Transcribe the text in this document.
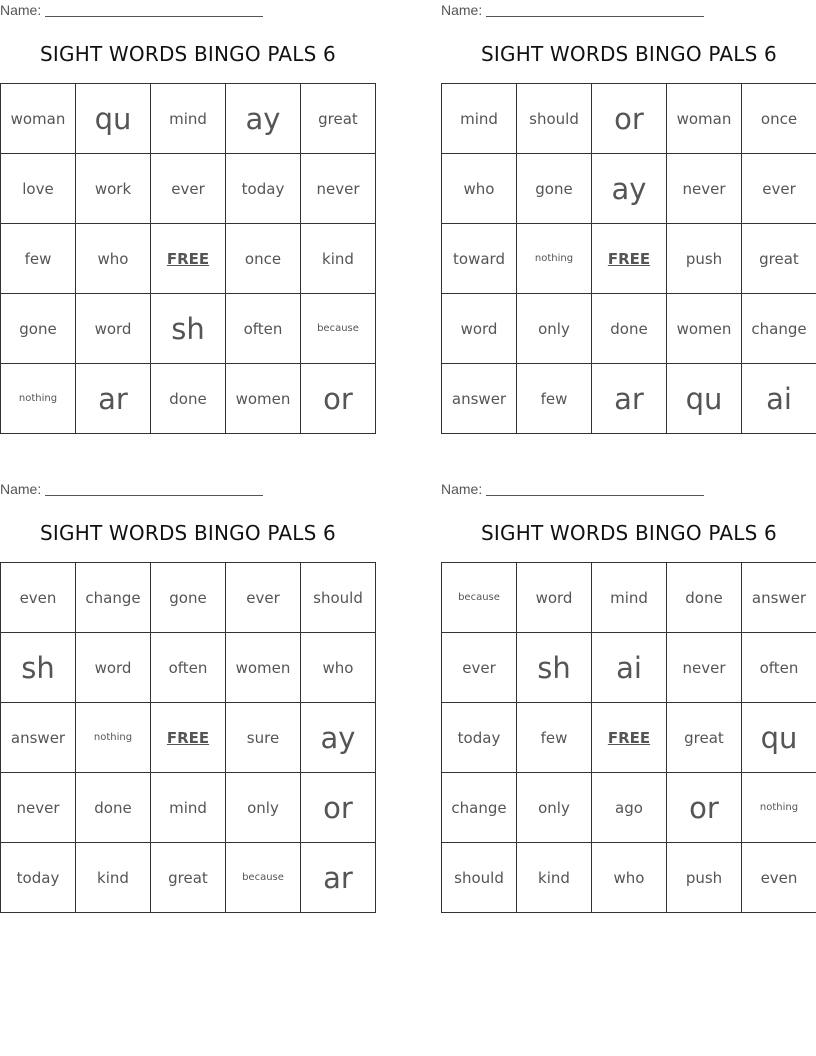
Name:
SIGHT WORDS BINGO PALS 6
woman	qu	mind	ay	great
love	work	ever	today	never
few	who	FREE	once	kind
gone	word	sh	often	because
nothing	ar	done	women	or
Name:
SIGHT WORDS BINGO PALS 6
mind	should	or	woman	once
who	gone	ay	never	ever
toward	nothing	FREE	push	great
word	only	done	women	change
answer	few	ar	qu	ai
Name:
SIGHT WORDS BINGO PALS 6
even	change	gone	ever	should
sh	word	often	women	who
answer	nothing	FREE	sure	ay
never	done	mind	only	or
today	kind	great	because	ar
Name:
SIGHT WORDS BINGO PALS 6
because	word	mind	done	answer
ever	sh	ai	never	often
today	few	FREE	great	qu
change	only	ago	or	nothing
should	kind	who	push	even
